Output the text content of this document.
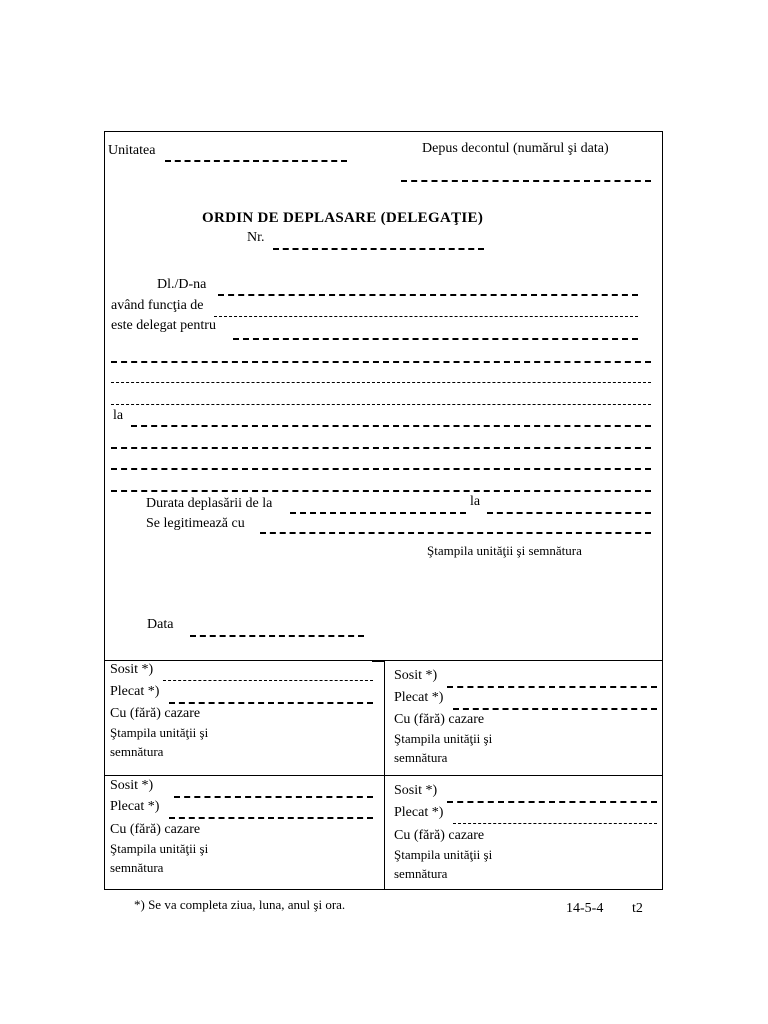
Unitatea	Depus decontul (numărul şi data)
ORDIN DE DEPLASARE (DELEGAŢIE)
Nr.
Dl./D-na
având funcţia de
este delegat pentru
la
Durata deplasării de la	la
Se legitimează cu
Ştampila unităţii şi semnătura
Data
Sosit *)
Plecat *)
Cu (fără) cazare
Ştampila unităţii şi
semnătura
Sosit *)
Plecat *)
Cu (fără) cazare
Ştampila unităţii şi
semnătura
Sosit *)
Plecat *)
Cu (fără) cazare
Ştampila unităţii şi
semnătura
Sosit *)
Plecat *)
Cu (fără) cazare
Ştampila unităţii şi
semnătura
*) Se va completa ziua, luna, anul şi ora.	14-5-4 t2
